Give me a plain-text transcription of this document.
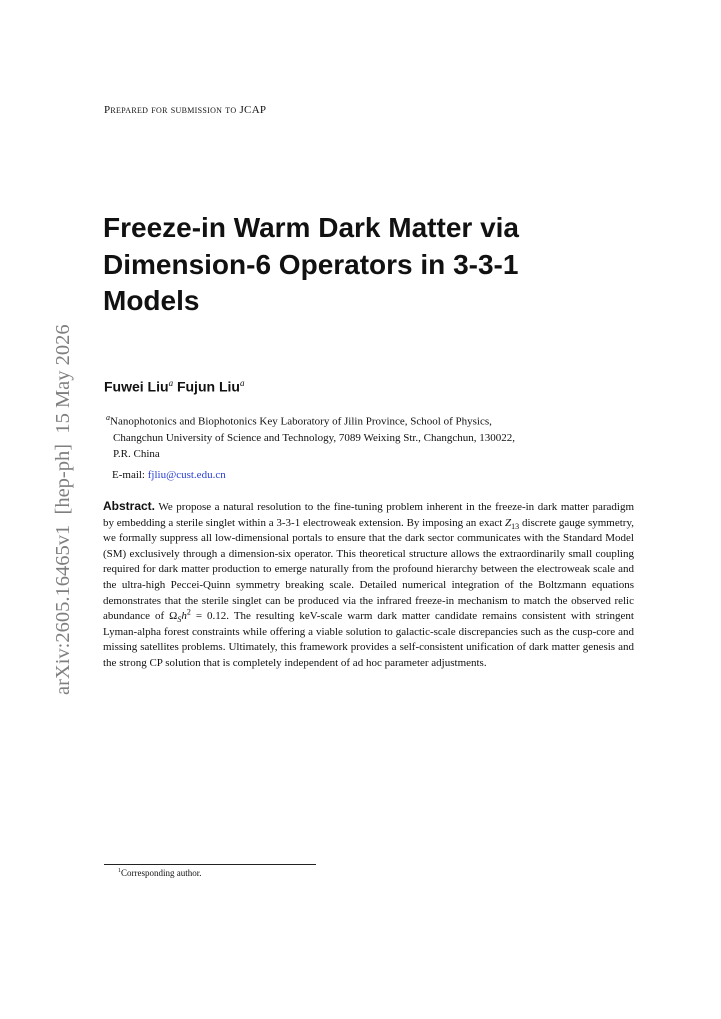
Prepared for submission to JCAP
Freeze-in Warm Dark Matter via
Dimension-6 Operators in 3-3-1
Models
Fuwei Liu$^a$ Fujun Liu$^a$
$^a$Nanophotonics and Biophotonics Key Laboratory of Jilin Province, School of Physics,
Changchun University of Science and Technology, 7089 Weixing Str., Changchun, 130022,
P.R. China
E-mail: fjliu@cust.edu.cn
Abstract. We propose a natural resolution to the fine-tuning problem inherent in the freeze-in dark matter paradigm by embedding a sterile singlet within a 3-3-1 electroweak extension. By imposing an exact $Z_{13}$ discrete gauge symmetry, we formally suppress all low-dimensional portals to ensure that the dark sector communicates with the Standard Model (SM) exclusively through a dimension-six operator. This theoretical structure allows the extraordinarily small coupling required for dark matter production to emerge naturally from the profound hierarchy between the electroweak scale and the ultra-high Peccei-Quinn symmetry breaking scale. Detailed numerical integration of the Boltzmann equations demonstrates that the sterile singlet can be produced via the infrared freeze-in mechanism to match the observed relic abundance of $\Omega_Sh^2 = 0.12$. The resulting keV-scale warm dark matter candidate remains consistent with stringent Lyman-alpha forest constraints while offering a viable solution to galactic-scale discrepancies such as the cusp-core and missing satellites problems. Ultimately, this framework provides a self-consistent unification of dark matter genesis and the strong CP solution that is completely independent of ad hoc parameter adjustments.
arXiv:2605.16465v1  [hep-ph]  15 May 2026
$^1$Corresponding author.
